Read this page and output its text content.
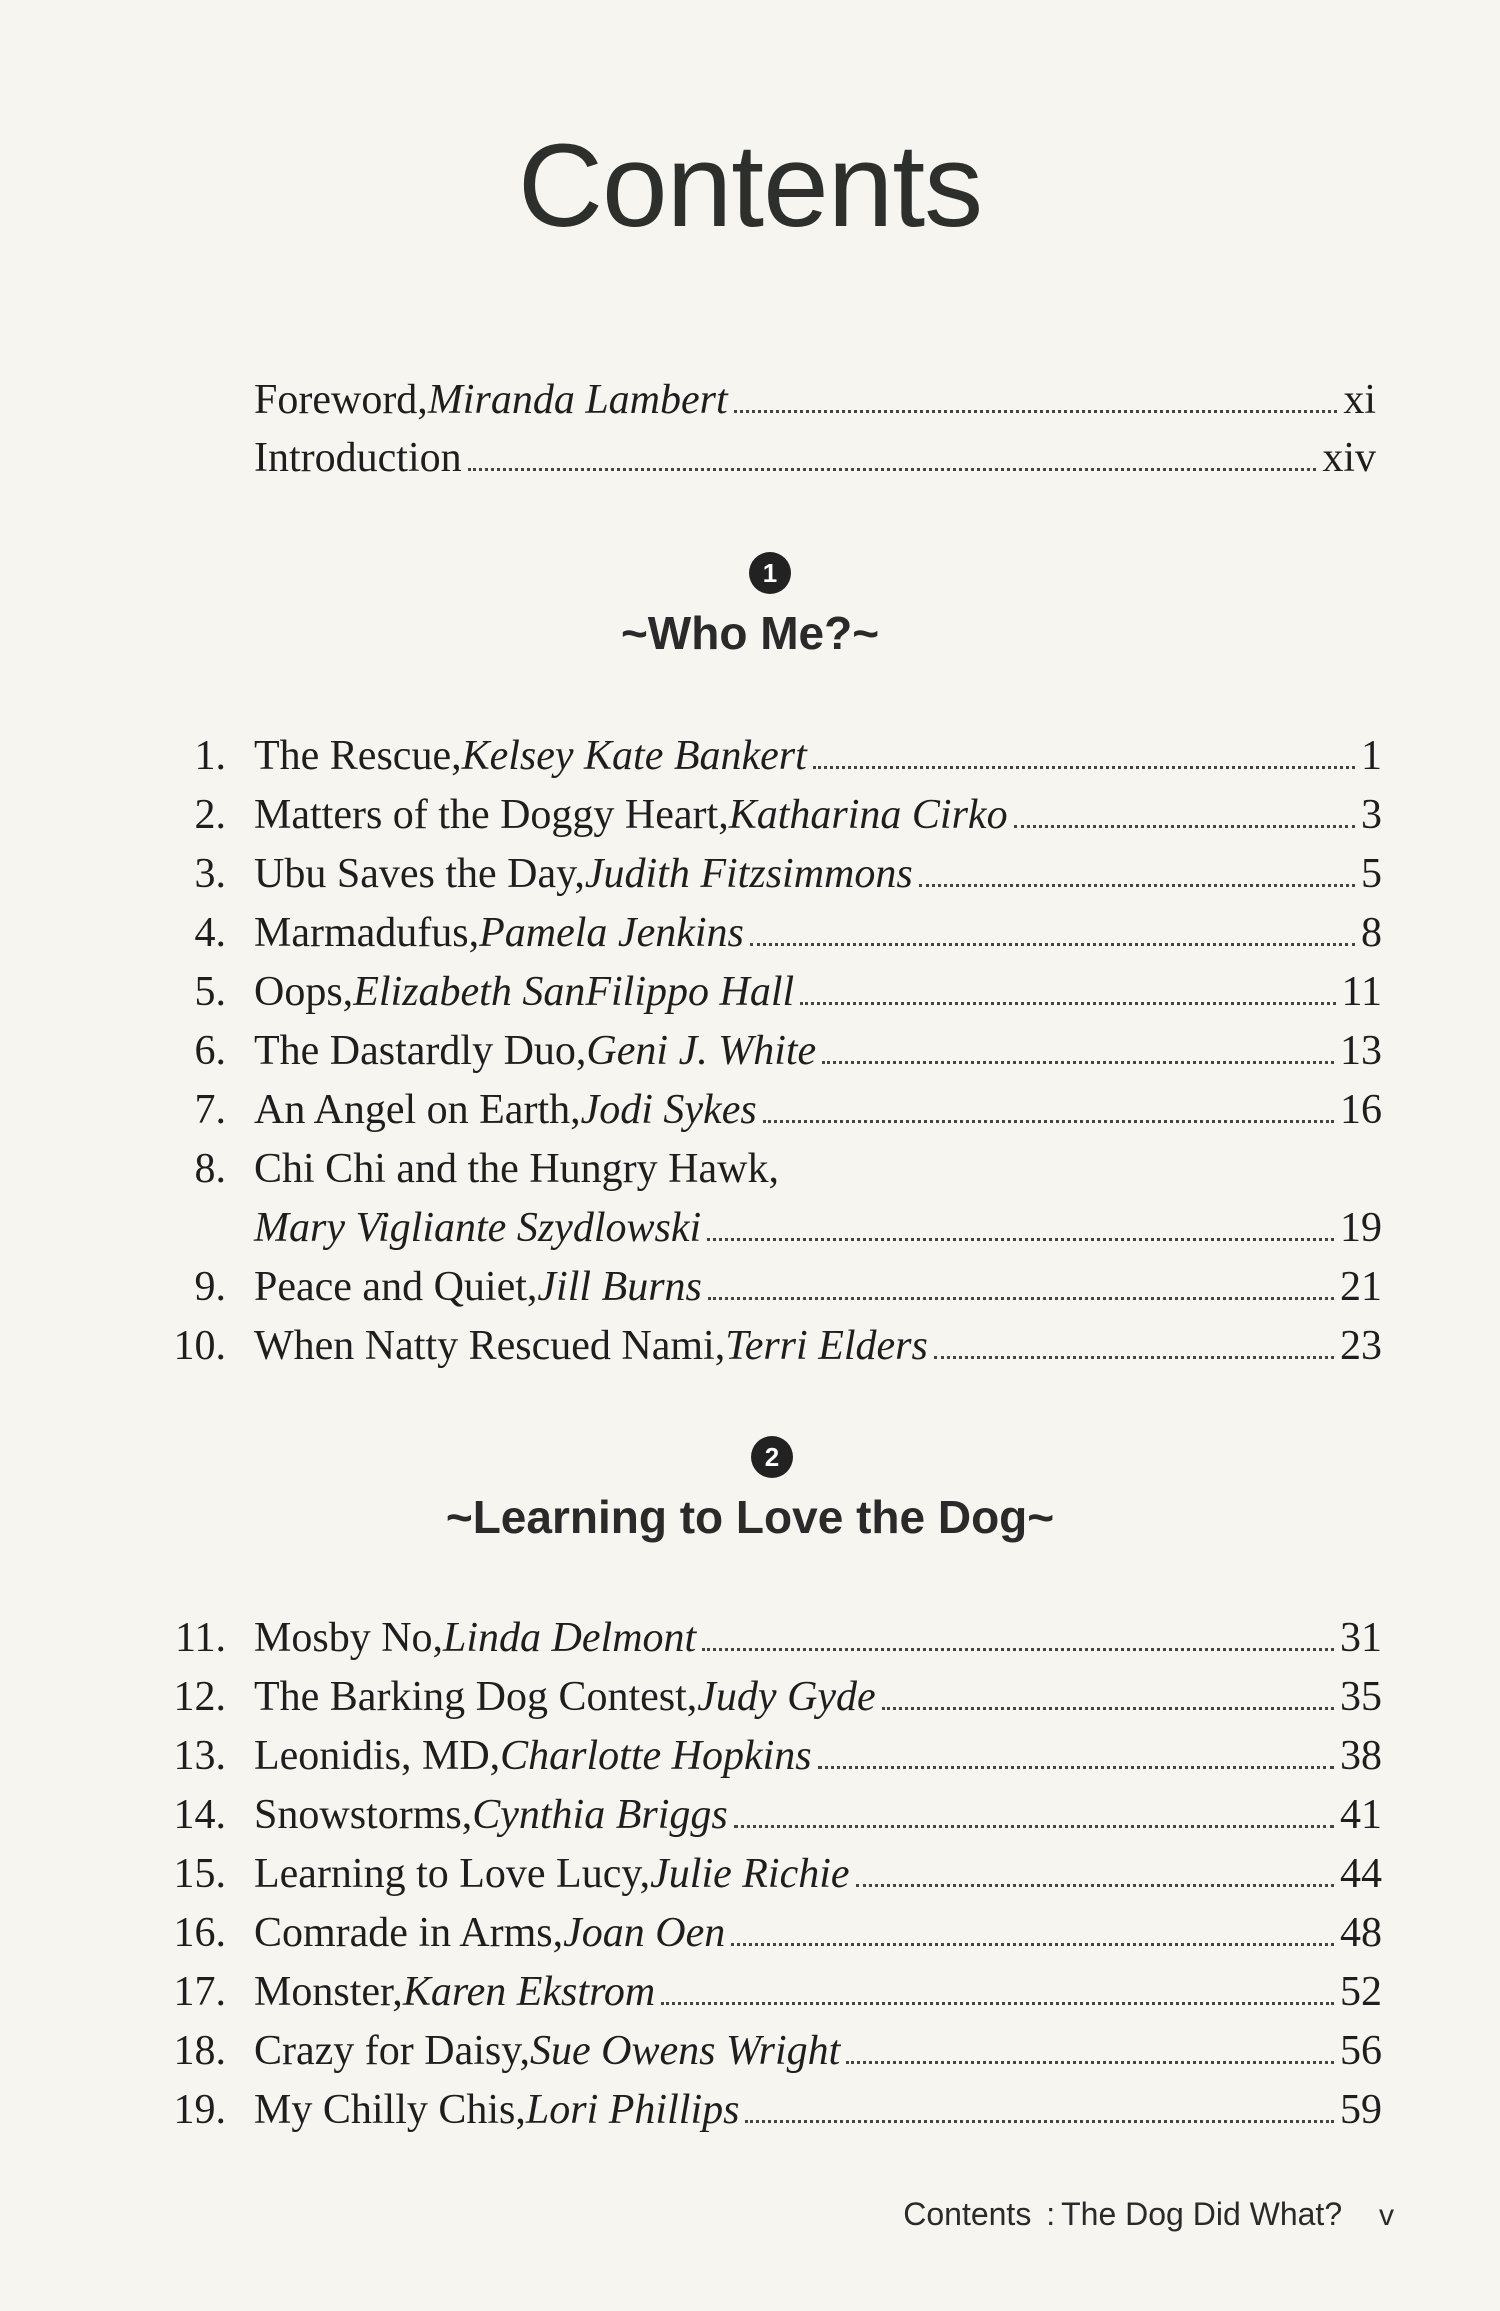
Contents
Foreword, Miranda Lambert	xi
Introduction	xiv
1
~Who Me?~
1. The Rescue, Kelsey Kate Bankert	1
2. Matters of the Doggy Heart, Katharina Cirko	3
3. Ubu Saves the Day, Judith Fitzsimmons	5
4. Marmadufus, Pamela Jenkins	8
5. Oops, Elizabeth SanFilippo Hall	11
6. The Dastardly Duo, Geni J. White	13
7. An Angel on Earth, Jodi Sykes	16
8. Chi Chi and the Hungry Hawk,
Mary Vigliante Szydlowski	19
9. Peace and Quiet, Jill Burns	21
10. When Natty Rescued Nami, Terri Elders	23
2
~Learning to Love the Dog~
11. Mosby No, Linda Delmont	31
12. The Barking Dog Contest, Judy Gyde	35
13. Leonidis, MD, Charlotte Hopkins	38
14. Snowstorms, Cynthia Briggs	41
15. Learning to Love Lucy, Julie Richie	44
16. Comrade in Arms, Joan Oen	48
17. Monster, Karen Ekstrom	52
18. Crazy for Daisy, Sue Owens Wright	56
19. My Chilly Chis, Lori Phillips	59
Contents : The Dog Did What? v
